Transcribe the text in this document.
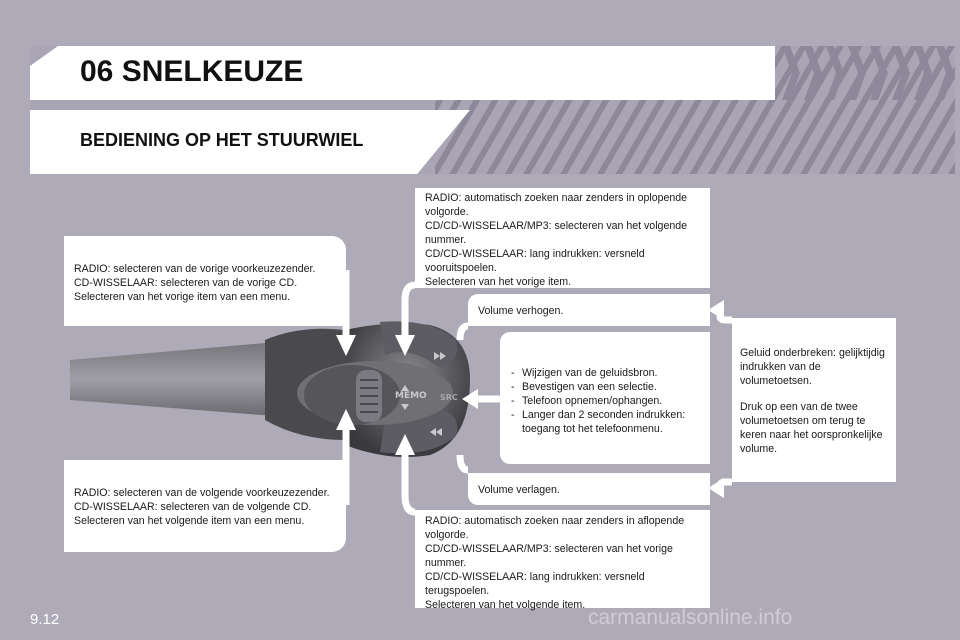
06 SNELKEUZE
BEDIENING OP HET STUURWIEL
MEMO SRC

RADIO: selecteren van de vorige voorkeuzezender.

CD-WISSELAAR: selecteren van de vorige CD.

Selecteren van het vorige item van een menu.

RADIO: selecteren van de volgende voorkeuzezender.

CD-WISSELAAR: selecteren van de volgende CD.

Selecteren van het volgende item van een menu.

RADIO: automatisch zoeken naar zenders in oplopende volgorde.

CD/CD-WISSELAAR/MP3: selecteren van het volgende nummer.

CD/CD-WISSELAAR: lang indrukken: versneld vooruitspoelen.

Selecteren van het vorige item.

Volume verhogen.
- Wijzigen van de geluidsbron.
- Bevestigen van een selectie.
- Telefoon opnemen/ophangen.
- Langer dan 2 seconden indrukken: toegang tot het telefoonmenu.
Volume verlagen.

RADIO: automatisch zoeken naar zenders in aflopende volgorde.

CD/CD-WISSELAAR/MP3: selecteren van het vorige nummer.

CD/CD-WISSELAAR: lang indrukken: versneld terugspoelen.

Selecteren van het volgende item.

Geluid onderbreken: gelijktijdig indrukken van de volumetoetsen.

Druk op een van de twee volumetoetsen om terug te keren naar het oorspronkelijke volume.

9.12	carmanualsonline.info
